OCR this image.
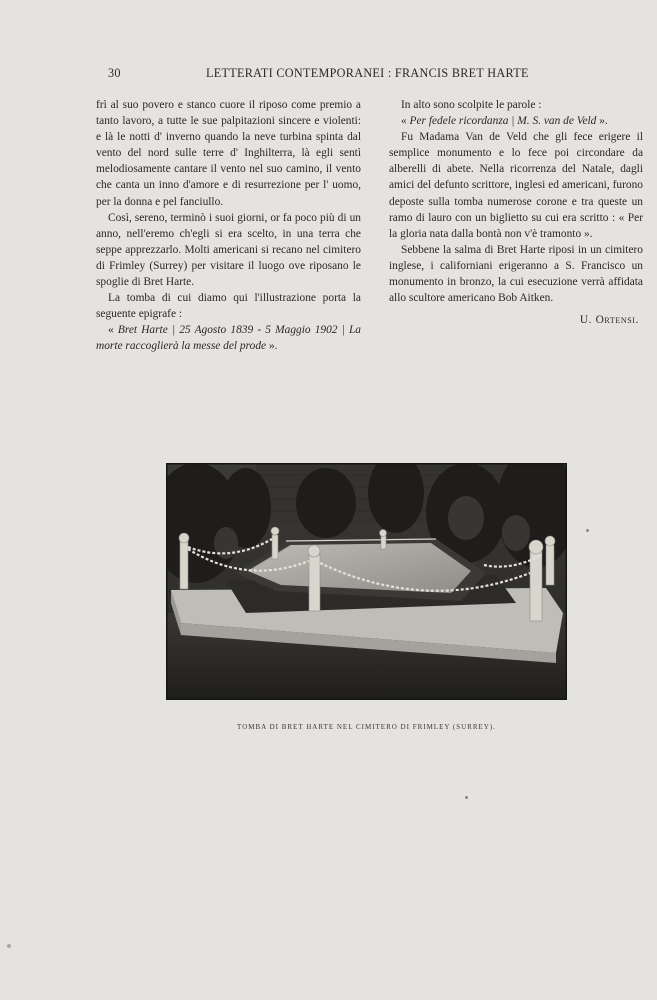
30	LETTERATI CONTEMPORANEI : FRANCIS BRET HARTE

frì al suo povero e stanco cuore il riposo come premio a tanto lavoro, a tutte le sue palpitazioni sincere e violenti: e là le notti d' inverno quando la neve turbina spinta dal vento del nord sulle terre d' Inghilterra, là egli sentì melodiosamente cantare il vento nel suo camino, il vento che canta un inno d'amore e di resurrezione per l' uomo, per la donna e pel fanciullo.

Così, sereno, terminò i suoi giorni, or fa poco più di un anno, nell'eremo ch'egli si era scelto, in una terra che seppe apprezzarlo. Molti americani si recano nel cimitero di Frimley (Surrey) per visitare il luogo ove riposano le spoglie di Bret Harte.

La tomba di cui diamo qui l'illustrazione porta la seguente epigrafe :

« Bret Harte | 25 Agosto 1839 - 5 Maggio 1902 | La morte raccoglierà la messe del prode ».

In alto sono scolpite le parole :

« Per fedele ricordanza | M. S. van de Veld ».

Fu Madama Van de Veld che gli fece erigere il semplice monumento e lo fece poi circondare da alberelli di abete. Nella ricorrenza del Natale, dagli amici del defunto scrittore, inglesi ed americani, furono deposte sulla tomba numerose corone e tra queste un ramo di lauro con un biglietto su cui era scritto : « Per la gloria nata dalla bontà non v'è tramonto ».

Sebbene la salma di Bret Harte riposi in un cimitero inglese, i californiani erigeranno a S. Francisco un monumento in bronzo, la cui esecuzione verrà affidata allo scultore americano Bob Aitken.

U. Ortensi.
TOMBA DI BRET HARTE NEL CIMITERO DI FRIMLEY (SURREY).
